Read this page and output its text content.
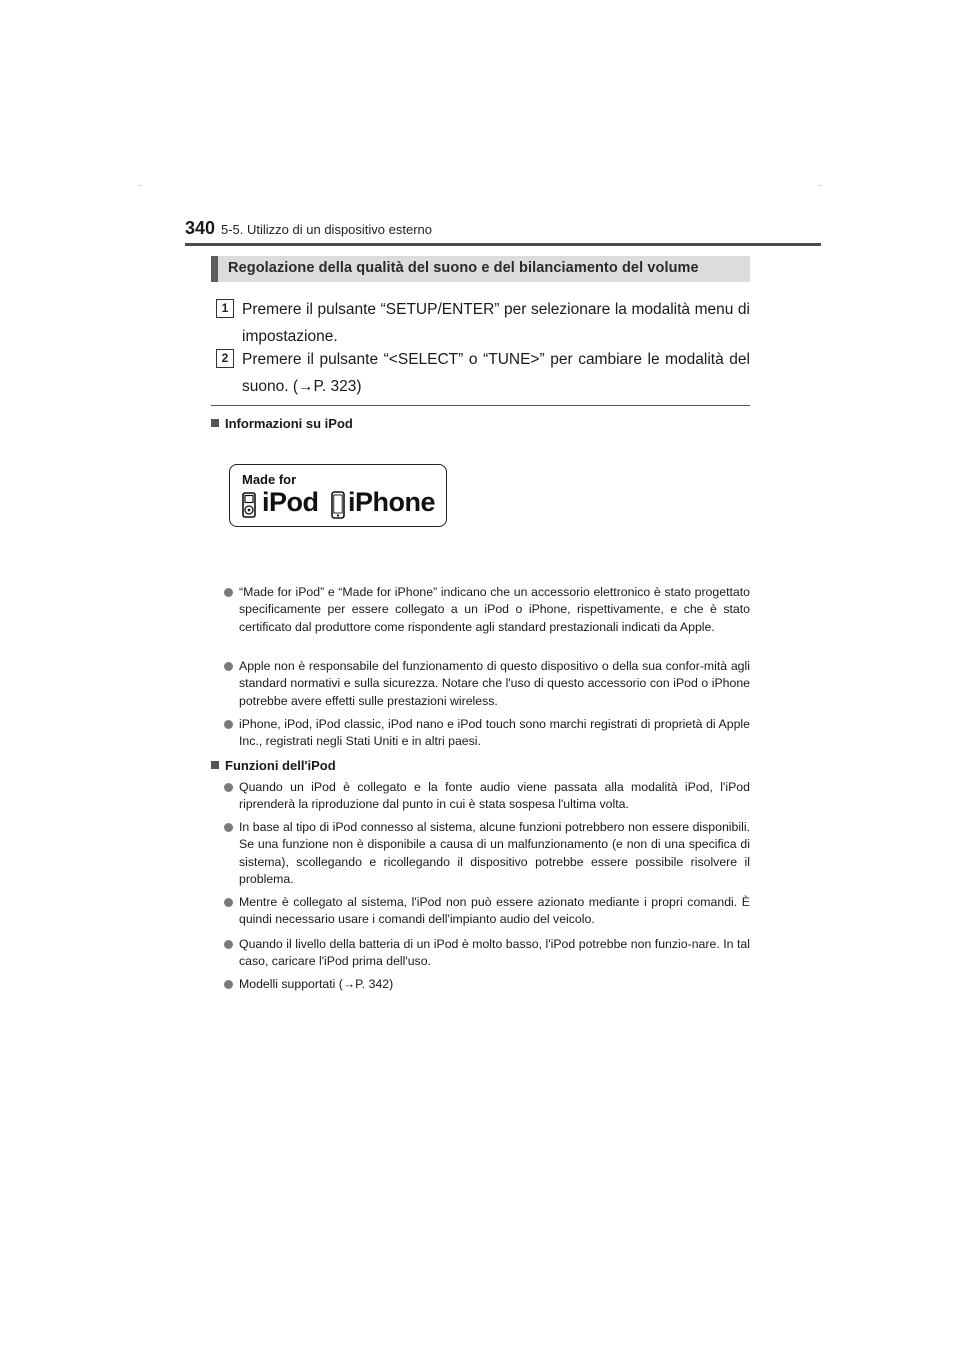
340 5-5. Utilizzo di un dispositivo esterno
Regolazione della qualità del suono e del bilanciamento del volume
1 Premere il pulsante “SETUP/ENTER” per selezionare la modalità menu di impostazione.
2 Premere il pulsante “<SELECT” o “TUNE>” per cambiare le modalità del suono. (→P. 323)
Informazioni su iPod
Made for
iPod iPhone
“Made for iPod” e “Made for iPhone” indicano che un accessorio elettronico è stato progettato specificamente per essere collegato a un iPod o iPhone, rispettivamente, e che è stato certificato dal produttore come rispondente agli standard prestazionali indicati da Apple.
Apple non è responsabile del funzionamento di questo dispositivo o della sua confor-mità agli standard normativi e sulla sicurezza. Notare che l'uso di questo accessorio con iPod o iPhone potrebbe avere effetti sulle prestazioni wireless.
iPhone, iPod, iPod classic, iPod nano e iPod touch sono marchi registrati di proprietà di Apple Inc., registrati negli Stati Uniti e in altri paesi.
Funzioni dell'iPod
Quando un iPod è collegato e la fonte audio viene passata alla modalità iPod, l'iPod riprenderà la riproduzione dal punto in cui è stata sospesa l'ultima volta.
In base al tipo di iPod connesso al sistema, alcune funzioni potrebbero non essere disponibili. Se una funzione non è disponibile a causa di un malfunzionamento (e non di una specifica di sistema), scollegando e ricollegando il dispositivo potrebbe essere possibile risolvere il problema.
Mentre è collegato al sistema, l'iPod non può essere azionato mediante i propri comandi. È quindi necessario usare i comandi dell'impianto audio del veicolo.
Quando il livello della batteria di un iPod è molto basso, l'iPod potrebbe non funzio-nare. In tal caso, caricare l'iPod prima dell'uso.
Modelli supportati (→P. 342)
